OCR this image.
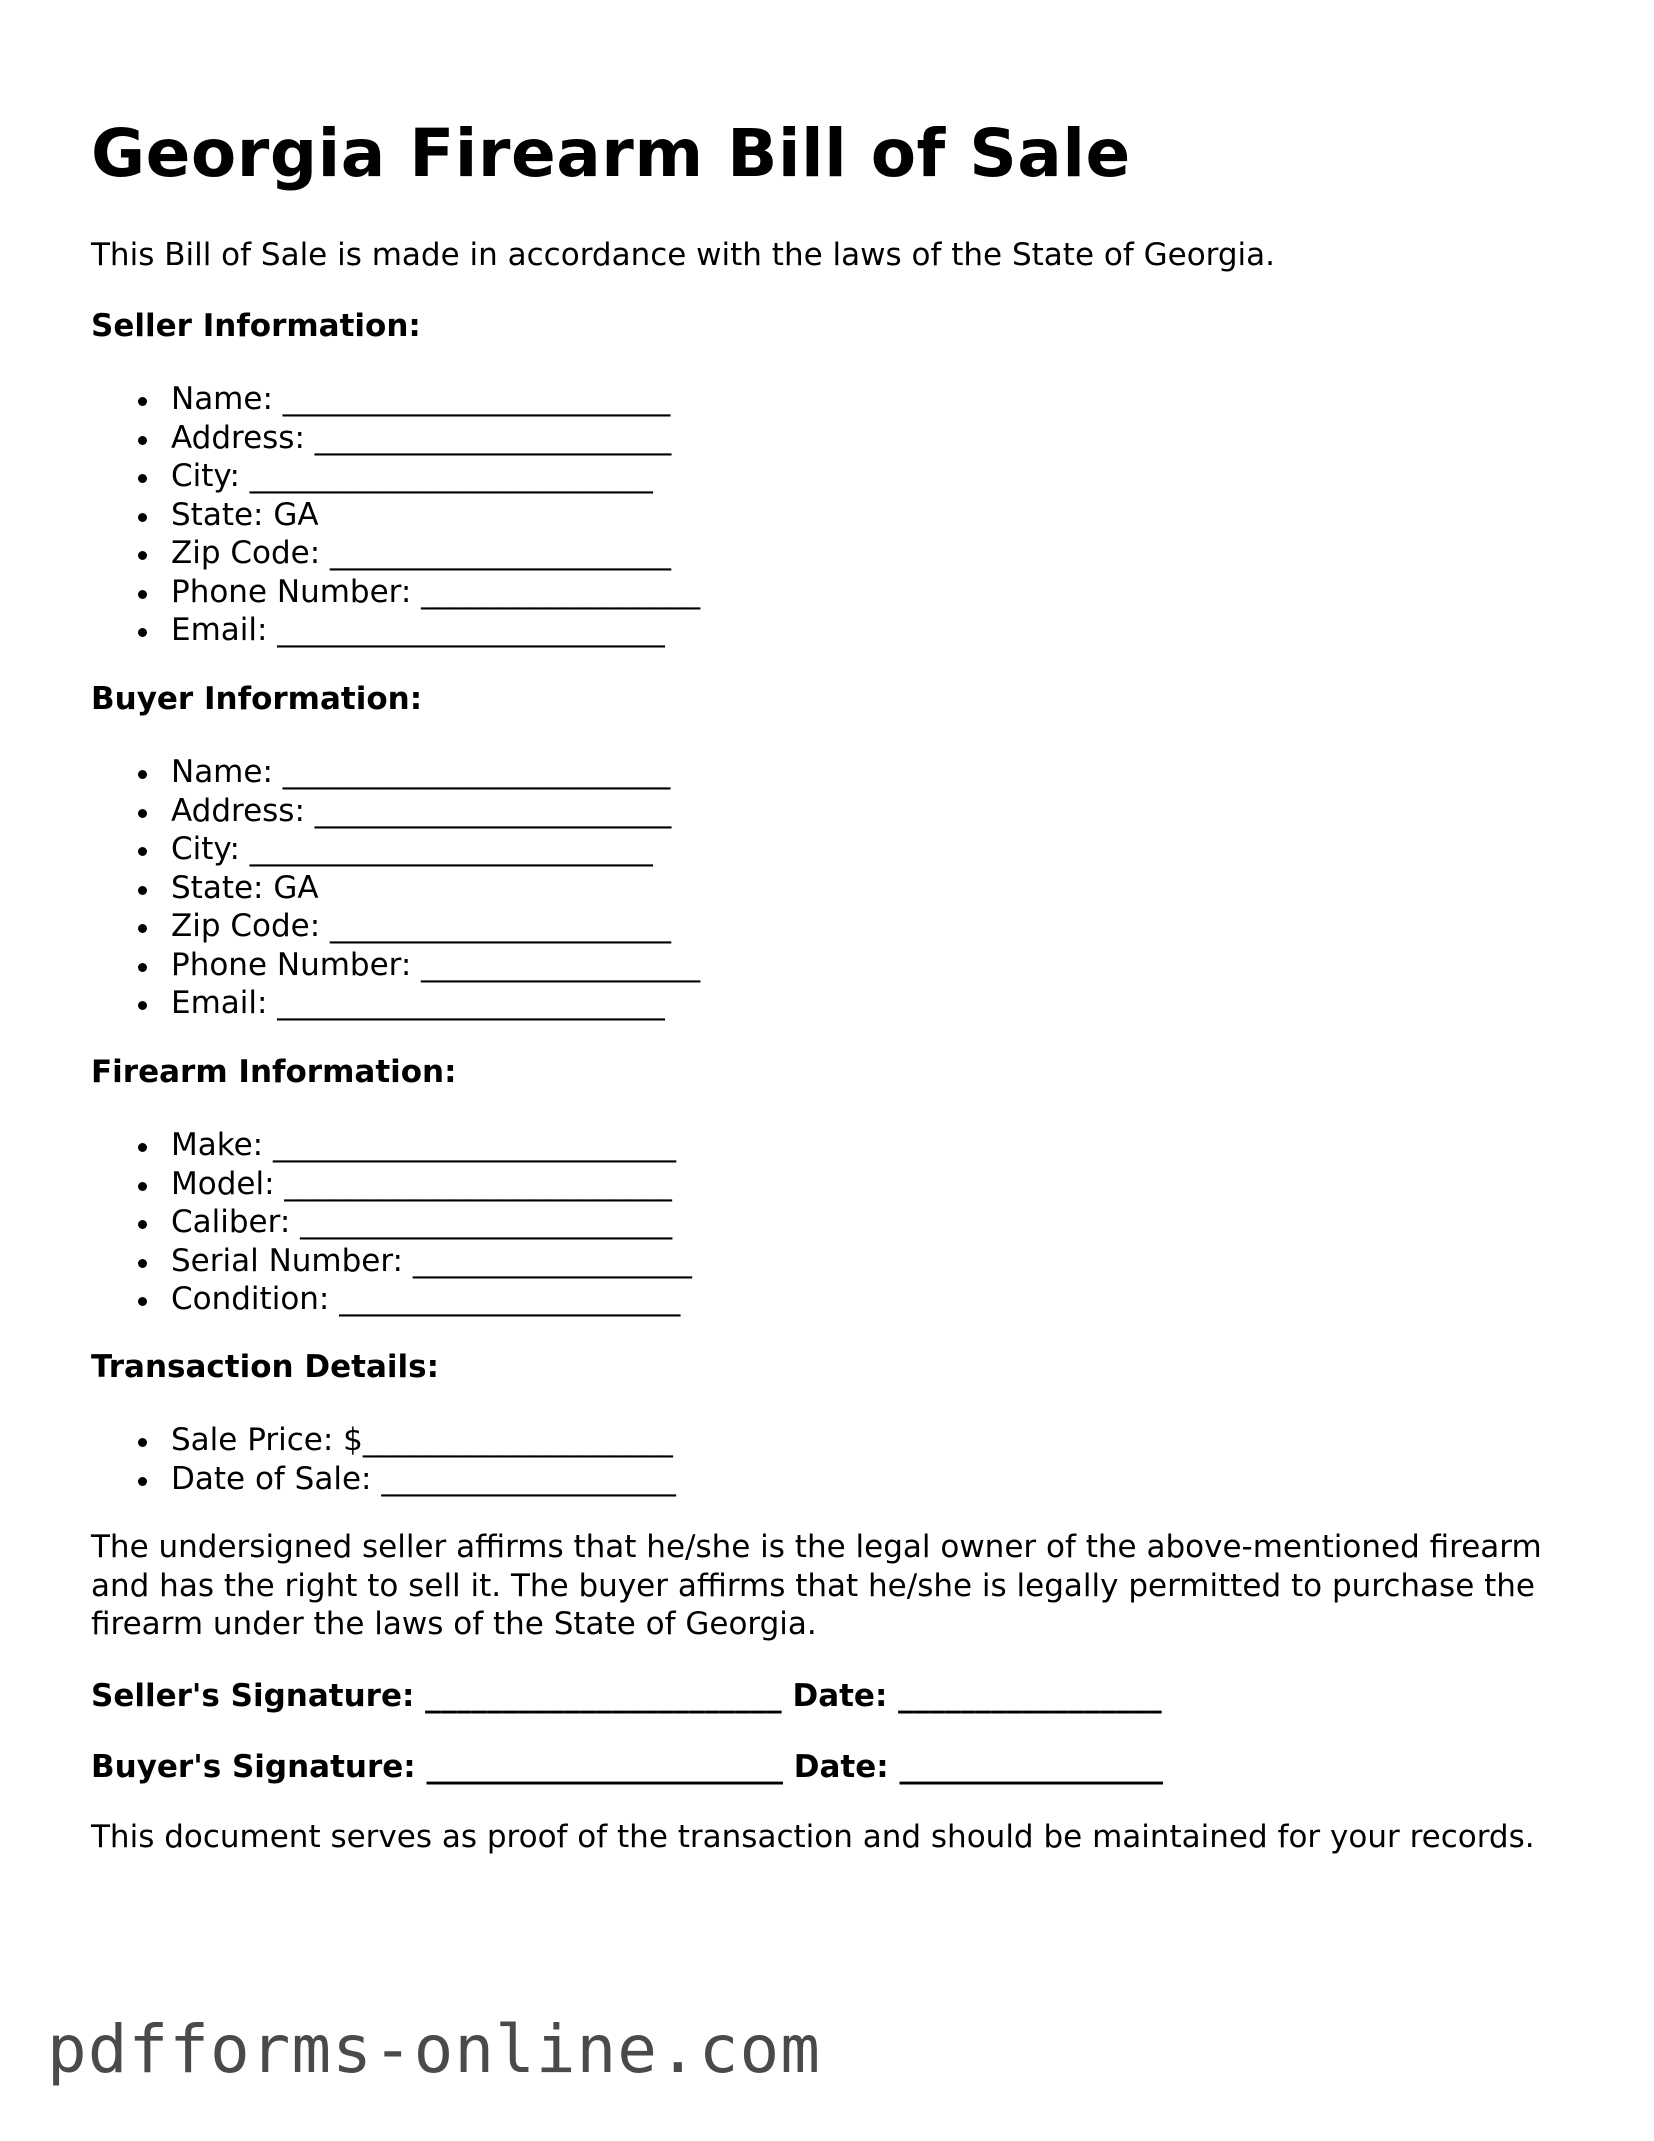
Georgia Firearm Bill of Sale

This Bill of Sale is made in accordance with the laws of the State of Georgia.

Seller Information:
Name: _________________________
Address: _______________________
City: __________________________
State: GA
Zip Code: ______________________
Phone Number: __________________
Email: _________________________
Buyer Information:
Name: _________________________
Address: _______________________
City: __________________________
State: GA
Zip Code: ______________________
Phone Number: __________________
Email: _________________________
Firearm Information:
Make: __________________________
Model: _________________________
Caliber: ________________________
Serial Number: __________________
Condition: ______________________
Transaction Details:
Sale Price: $____________________
Date of Sale: ___________________

The undersigned seller affirms that he/she is the legal owner of the above-mentioned firearm and has the right to sell it. The buyer affirms that he/she is legally permitted to purchase the firearm under the laws of the State of Georgia.

Seller's Signature: _______________________ Date: _________________
Buyer's Signature: _______________________ Date: _________________

This document serves as proof of the transaction and should be maintained for your records.

pdfforms-online.com
